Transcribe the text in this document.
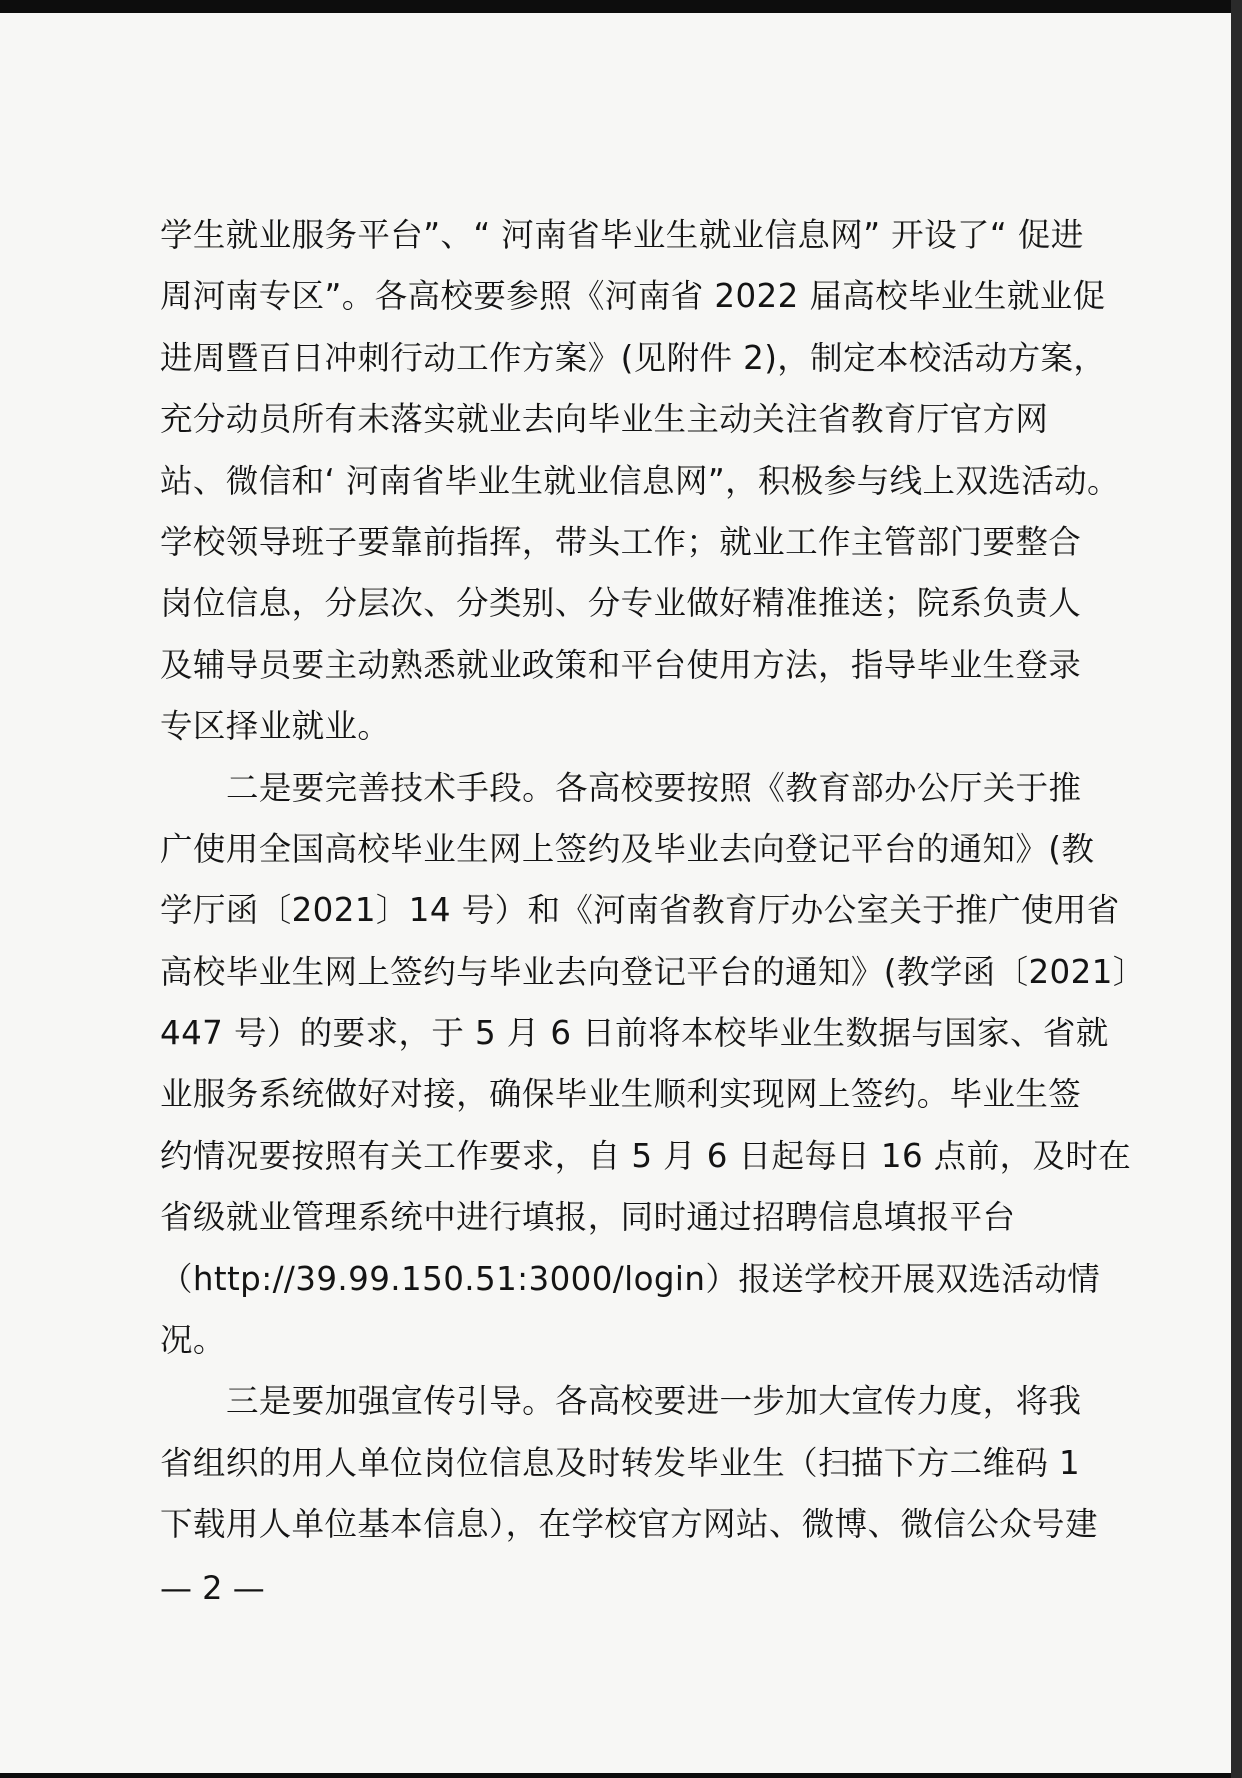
学生就业服务平台”、“ 河南省毕业生就业信息网” 开设了“ 促进
周河南专区”。各高校要参照《河南省 2022 届高校毕业生就业促
进周暨百日冲刺行动工作方案》(见附件 2)，制定本校活动方案，
充分动员所有未落实就业去向毕业生主动关注省教育厅官方网
站、微信和‘ 河南省毕业生就业信息网”，积极参与线上双选活动。
学校领导班子要靠前指挥，带头工作；就业工作主管部门要整合
岗位信息，分层次、分类别、分专业做好精准推送；院系负责人
及辅导员要主动熟悉就业政策和平台使用方法，指导毕业生登录
专区择业就业。
二是要完善技术手段。各高校要按照《教育部办公厅关于推
广使用全国高校毕业生网上签约及毕业去向登记平台的通知》(教
学厅函〔2021〕14 号）和《河南省教育厅办公室关于推广使用省
高校毕业生网上签约与毕业去向登记平台的通知》(教学函〔2021〕
447 号）的要求，于 5 月 6 日前将本校毕业生数据与国家、省就
业服务系统做好对接，确保毕业生顺利实现网上签约。毕业生签
约情况要按照有关工作要求，自 5 月 6 日起每日 16 点前，及时在
省级就业管理系统中进行填报，同时通过招聘信息填报平台
（http://39.99.150.51:3000/login）报送学校开展双选活动情
况。
三是要加强宣传引导。各高校要进一步加大宣传力度，将我
省组织的用人单位岗位信息及时转发毕业生（扫描下方二维码 1
下载用人单位基本信息），在学校官方网站、微博、微信公众号建
— 2 —
